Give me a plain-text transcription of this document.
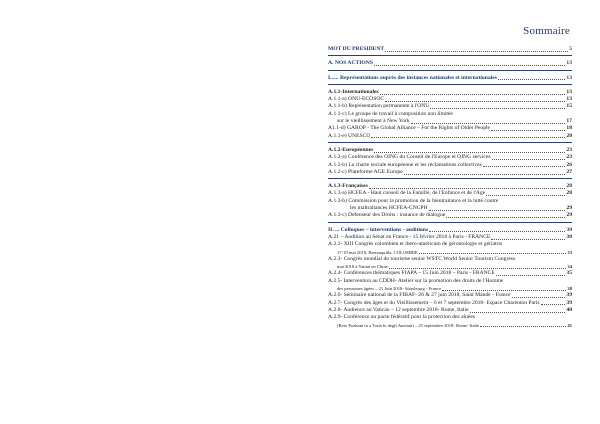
Sommaire
MOT DU PRESIDENT	5
A. NOS ACTIONS	13
I...... Représentations auprès des instances nationales et internationales	13
A.1.1-Internationales	13
A.1.1-a) ONU-ECOSOC	13
A.1.1-b) Représentation permanente à l'ONU	15
A.1.1-c) Le groupe de travail à composition non limitée
sur le vieillissement à New York	17
A1.1-d) GAROP - The Global Alliance – For the Rights of Older People	18
A.1.1-e) UNESCO	20
A.1.2-Européennes	23
A.1.2-a) Conférence des OING du Conseil de l'Europe et OING services	23
A.1.2-b) La charte sociale européenne et les réclamations collectives	26
A.1.2-c) Plateforme AGE Europe	27
A.1.3-Françaises	28
A.1.3-a) HCFEA - Haut conseil de la Famille, de l'Enfance et de l'Age	28
A.1.3-b) Commission pour la promotion de la bientraitance et la lutte contre
les maltraitances HCFEA-CNCPH	29
A.1.3-c) Défenseur des Droits : instance de dialogue	29
II. ... Colloques – interventions - auditions	30
A.21 – Audition au Sénat en France - 15 février 2018 à Paris - FRANCE	30
A.2.2- XIII Congrès colombien et ibero-américain de gérontologie et gériatrie
17-19 mai 2018, Barranquilla, COLOMBIE	33
A.2.3- Congrès mondial du tourisme senior WSTC World Senior Tourism Congress
mai 2018 à Yantai en Chine	34
A.2.4- Conférences thématiques FIAPA – 15 Juin 2018 – Paris - FRANCE	35
A.2.5- Intervention au CDDH- Atelier sur la promotion des droits de l'Homme
des personnes âgées – 21 Juin 2018- Strasbourg - France	38
A.2.6- Séminaire national de la FIBAF- 26 & 27 juin 2018, Saint Mandé - France	39
A.2.7- Congrès des âges et du Vieillissement – 6 et 7 septembre 2018- Espace Charenton Paris	39
A.2.8- Audience au Vatican – 12 septembre 2018- Rome, Italie	40
A.2.9- Conférence au pacte fédératif pour la protection des aînées
(Beto Pozkam in a Torta lo degli Anziani) – 25 septembre 2018- Rome- Italie	41
